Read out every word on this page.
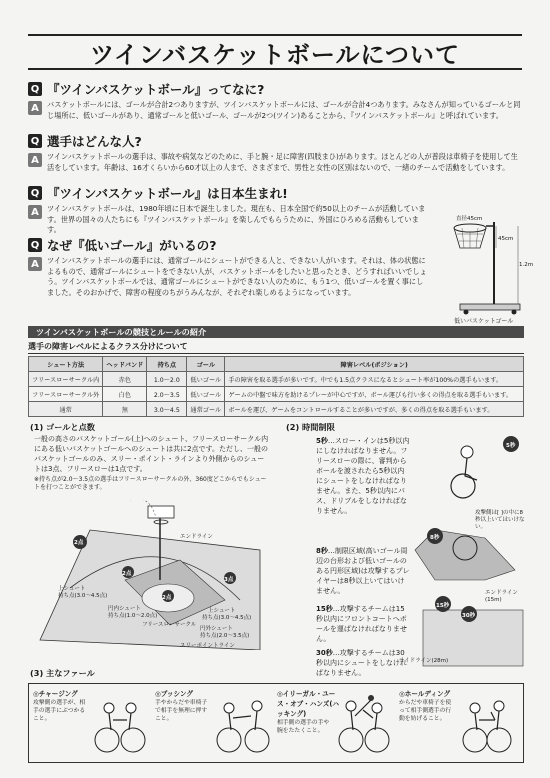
ツインバスケットボールについて
Q 『ツインバスケットボール』ってなに?
A	バスケットボールには、ゴールが合計2つありますが、ツインバスケットボールには、ゴールが合計4つあります。みなさんが知っているゴールと同じ場所に、低いゴールがあり、通常ゴールと低いゴール、ゴールが2つ(ツイン)あることから、『ツインバスケットボール』と呼ばれています。

Q 選手はどんな人?
A	ツインバスケットボールの選手は、事故や病気などのために、手と腕・足に障害(四肢まひ)があります。ほとんどの人が普段は車椅子を使用して生活をしています。年齢は、16才くらいから60才以上の人まで、さまざまで、男性と女性の区別はないので、一緒のチームで活動をしています。

Q 『ツインバスケットボール』は日本生まれ!
A	ツインバスケットボールは、1980年頃に日本で誕生しました。現在も、日本全国で約50以上のチームが活動しています。世界の国々の人たちにも『ツインバスケットボール』を楽しんでもらうために、外国にひろめる活動もしています。

Q なぜ『低いゴール』がいるの?
A	ツインバスケットボールの選手には、通常ゴールにシュートができる人と、できない人がいます。それは、体の状態によるもので、通常ゴールにシュートをできない人が、バスケットボールをしたいと思ったとき、どうすればいいでしょう。ツインバスケットボールでは、通常ゴールにシュートができない人のために、もう1つ、低いゴールを置く事にしました。そのおかげで、障害の程度のちがうみんなが、それぞれ楽しめるようになっています。

直径45cm
45cm
1.2m
低いバスケットゴール
ツインバスケットボールの競技とルールの紹介
選手の障害レベルによるクラス分けについて
シュート方法	ヘッドバンド	持ち点	ゴール	障害レベル(ポジション)
フリースローサークル内	赤色	1.0〜2.0	低いゴール	手の障害を取る選手が多いです。中でも1.5点クラスになるとシュート率が100%の選手もいます。
フリースローサークル外	白色	2.0〜3.5	低いゴール	ゲームの中盤で味方を助けるプレーが中心ですが、ボール運びも行い多くの得点を取る選手もいます。
通常	無	3.0〜4.5	通常ゴール	ボールを運び、ゲームをコントロールすることが多いですが、多くの得点を取る選手もいます。
(1) ゴールと点数

一般の高さのバスケットゴール(上)へのシュート、フリースローサークル内にある低いバスケットゴールへのシュートは共に2点です。ただし、一般のバスケットゴールのみ、スリー・ポイント・ラインより外側からのシュートは3点、フリースローは1点です。

※持ち点が2.0〜3.5点の選手はフリースローサークルの外、360度どこからでもシュートを打つことができます。

2点
2点
3点
2点
エンドライン
上シュート
持ち点(3.0〜4.5点)
円内シュート
持ち点(1.0〜2.0点)
上シュート
持ち点(3.0〜4.5点)
円外シュート
持ち点(2.0〜3.5点)
フリースローサークル
スリーポイントライン
(2) 時間制限
5秒…スロー・インは5秒以内にしなければなりません。フリースローの際に、審判からボールを渡されたら5秒以内にシュートをしなければなりません。また、5秒以内にパス、ドリブルをしなければなりません。
8秒…制限区域(高いゴール周辺の台形および低いゴールのある円形区域)は攻撃するプレイヤーは8秒以上いてはいけません。
15秒…攻撃するチームは15秒以内にフロントコートへボールを運ばなければなりません。
30秒…攻撃するチームは30秒以内にシュートをしなければなりません。
5秒
8秒
15秒
30秒
攻撃側は[ ]の中に8秒以上いてはいけない。
サイドライン(28m)
エンドライン(15m)
(3) 主なファール
◎チャージング
攻撃側の選手が、相手の選手にぶつかること。
◎プッシング
手やからだや車椅子で相手を無理に押すこと。
◎イリーガル・ユース・オブ・ハンズ(ハッキング)
相手側の選手の手や腕をたたくこと。
◎ホールディング
からだや車椅子を使って相手側選手の行動を妨げること。
